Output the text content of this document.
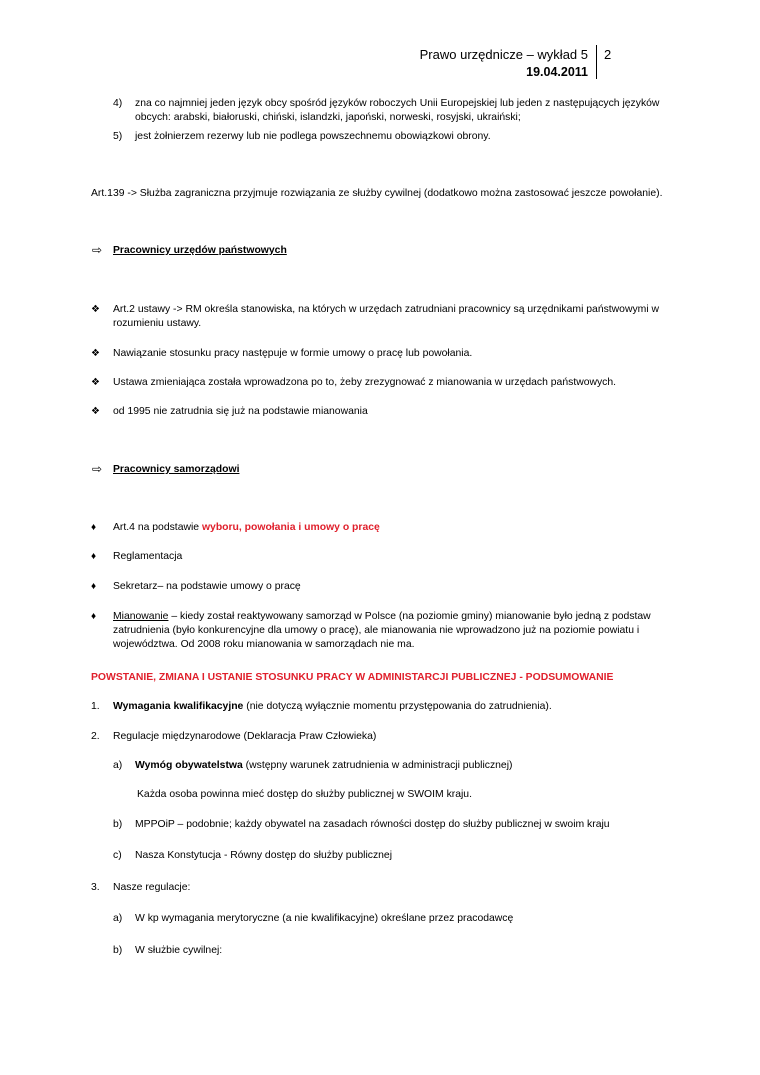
Prawo urzędnicze – wykład 5
19.04.2011
2
4) zna co najmniej jeden język obcy spośród języków roboczych Unii Europejskiej lub jeden z następujących języków obcych: arabski, białoruski, chiński, islandzki, japoński, norweski, rosyjski, ukraiński;
5) jest żołnierzem rezerwy lub nie podlega powszechnemu obowiązkowi obrony.
Art.139 -> Służba zagraniczna przyjmuje rozwiązania ze służby cywilnej (dodatkowo można zastosować jeszcze powołanie).
⇨ Pracownicy urzędów państwowych
❖ Art.2 ustawy -> RM określa stanowiska, na których w urzędach zatrudniani pracownicy są urzędnikami państwowymi w rozumieniu ustawy.
❖ Nawiązanie stosunku pracy następuje w formie umowy o pracę lub powołania.
❖ Ustawa zmieniająca została wprowadzona po to, żeby zrezygnować z mianowania w urzędach państwowych.
❖ od 1995 nie zatrudnia się już na podstawie mianowania
⇨ Pracownicy samorządowi
♦ Art.4 na podstawie wyboru, powołania i umowy o pracę
♦ Reglamentacja
♦ Sekretarz– na podstawie umowy o pracę
♦ Mianowanie – kiedy został reaktywowany samorząd w Polsce (na poziomie gminy) mianowanie było jedną z podstaw zatrudnienia (było konkurencyjne dla umowy o pracę), ale mianowania nie wprowadzono już na poziomie powiatu i województwa. Od 2008 roku mianowania w samorządach nie ma.
POWSTANIE, ZMIANA I USTANIE STOSUNKU PRACY W ADMINISTARCJI PUBLICZNEJ - PODSUMOWANIE
1. Wymagania kwalifikacyjne (nie dotyczą wyłącznie momentu przystępowania do zatrudnienia).
2. Regulacje międzynarodowe (Deklaracja Praw Człowieka)
a) Wymóg obywatelstwa (wstępny warunek zatrudnienia w administracji publicznej)
Każda osoba powinna mieć dostęp do służby publicznej w SWOIM kraju.
b) MPPOiP – podobnie; każdy obywatel na zasadach równości dostęp do służby publicznej w swoim kraju
c) Nasza Konstytucja - Równy dostęp do służby publicznej
3. Nasze regulacje:
a) W kp wymagania merytoryczne (a nie kwalifikacyjne) określane przez pracodawcę
b) W służbie cywilnej:
